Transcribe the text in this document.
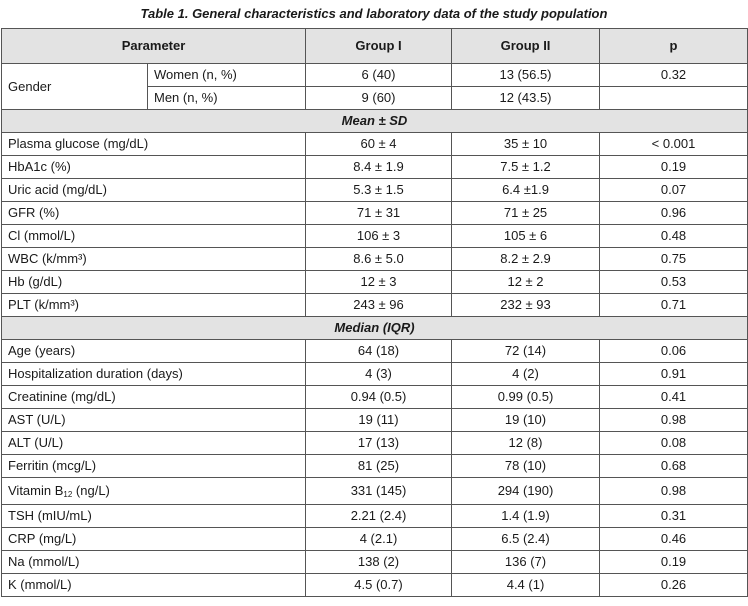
Table 1. General characteristics and laboratory data of the study population
Parameter		Group I	Group II	p
Gender	Women (n, %)	6 (40)	13 (56.5)	0.32
	Men (n, %)	9 (60)	12 (43.5)	
Mean ± SD				
Plasma glucose (mg/dL)		60 ± 4	35 ± 10	< 0.001
HbA1c (%)		8.4 ± 1.9	7.5 ± 1.2	0.19
Uric acid (mg/dL)		5.3 ± 1.5	6.4 ±1.9	0.07
GFR (%)		71 ± 31	71 ± 25	0.96
Cl (mmol/L)		106 ± 3	105 ± 6	0.48
WBC (k/mm³)		8.6 ± 5.0	8.2 ± 2.9	0.75
Hb (g/dL)		12 ± 3	12 ± 2	0.53
PLT (k/mm³)		243 ± 96	232 ± 93	0.71
Median (IQR)				
Age (years)		64 (18)	72 (14)	0.06
Hospitalization duration (days)		4 (3)	4 (2)	0.91
Creatinine (mg/dL)		0.94 (0.5)	0.99 (0.5)	0.41
AST (U/L)		19 (11)	19 (10)	0.98
ALT (U/L)		17 (13)	12 (8)	0.08
Ferritin (mcg/L)		81 (25)	78 (10)	0.68
Vitamin $B_{12}$ (ng/L)		331 (145)	294 (190)	0.98
TSH (mIU/mL)		2.21 (2.4)	1.4 (1.9)	0.31
CRP (mg/L)		4 (2.1)	6.5 (2.4)	0.46
Na (mmol/L)		138 (2)	136 (7)	0.19
K (mmol/L)		4.5 (0.7)	4.4 (1)	0.26
